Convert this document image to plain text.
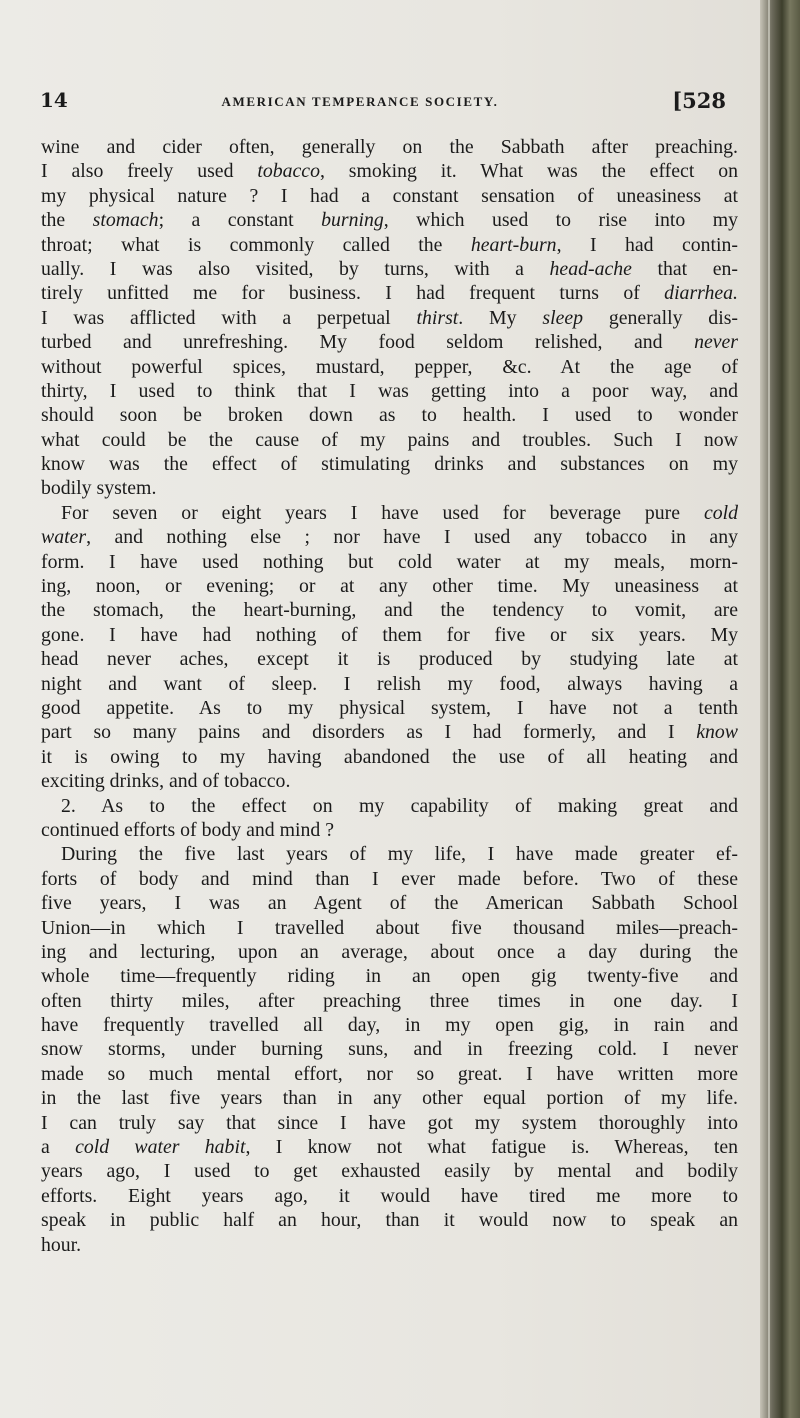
14	AMERICAN TEMPERANCE SOCIETY.	[528
wine and cider often, generally on the Sabbath after preaching.
I also freely used tobacco, smoking it. What was the effect on
my physical nature ? I had a constant sensation of uneasiness at
the stomach; a constant burning, which used to rise into my
throat; what is commonly called the heart-burn, I had contin-
ually. I was also visited, by turns, with a head-ache that en-
tirely unfitted me for business. I had frequent turns of diarrhea.
I was afflicted with a perpetual thirst. My sleep generally dis-
turbed and unrefreshing. My food seldom relished, and never
without powerful spices, mustard, pepper, &c. At the age of
thirty, I used to think that I was getting into a poor way, and
should soon be broken down as to health. I used to wonder
what could be the cause of my pains and troubles. Such I now
know was the effect of stimulating drinks and substances on my
bodily system.
For seven or eight years I have used for beverage pure cold
water, and nothing else ; nor have I used any tobacco in any
form. I have used nothing but cold water at my meals, morn-
ing, noon, or evening; or at any other time. My uneasiness at
the stomach, the heart-burning, and the tendency to vomit, are
gone. I have had nothing of them for five or six years. My
head never aches, except it is produced by studying late at
night and want of sleep. I relish my food, always having a
good appetite. As to my physical system, I have not a tenth
part so many pains and disorders as I had formerly, and I know
it is owing to my having abandoned the use of all heating and
exciting drinks, and of tobacco.
2. As to the effect on my capability of making great and
continued efforts of body and mind ?
During the five last years of my life, I have made greater ef-
forts of body and mind than I ever made before. Two of these
five years, I was an Agent of the American Sabbath School
Union—in which I travelled about five thousand miles—preach-
ing and lecturing, upon an average, about once a day during the
whole time—frequently riding in an open gig twenty-five and
often thirty miles, after preaching three times in one day. I
have frequently travelled all day, in my open gig, in rain and
snow storms, under burning suns, and in freezing cold. I never
made so much mental effort, nor so great. I have written more
in the last five years than in any other equal portion of my life.
I can truly say that since I have got my system thoroughly into
a cold water habit, I know not what fatigue is. Whereas, ten
years ago, I used to get exhausted easily by mental and bodily
efforts. Eight years ago, it would have tired me more to
speak in public half an hour, than it would now to speak an
hour.
